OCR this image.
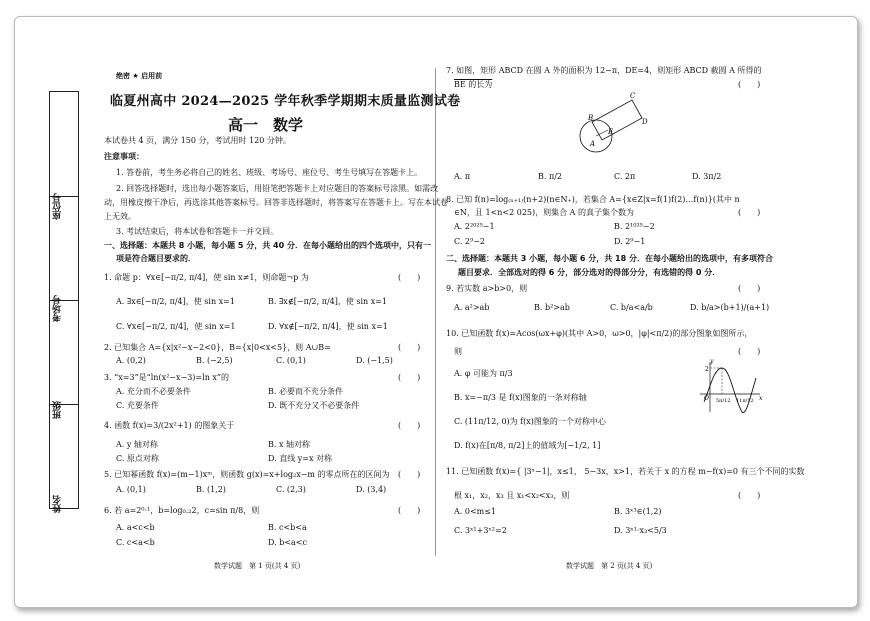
座位号
考场号
班级
姓名
绝密 ★ 启用前
临夏州高中 2024—2025 学年秋季学期期末质量监测试卷
高一　数学
本试卷共 4 页，满分 150 分，考试用时 120 分钟。
注意事项：
1. 答卷前，考生务必将自己的姓名、班级、考场号、座位号、考生号填写在答题卡上。
2. 回答选择题时，选出每小题答案后，用铅笔把答题卡上对应题目的答案标号涂黑。如需改
动，用橡皮擦干净后，再选涂其他答案标号。回答非选择题时，将答案写在答题卡上。写在本试卷
上无效。
3. 考试结束后，将本试卷和答题卡一并交回。
一、选择题：本题共 8 小题，每小题 5 分，共 40 分．在每小题给出的四个选项中，只有一
项是符合题目要求的．
1. 命题 p：∀x∈[−π/2, π/4]，使 sin x≠1，则命题¬p 为	(　　)
A. ∃x∈[−π/2, π/4]，使 sin x=1	B. ∃x∉[−π/2, π/4]，使 sin x=1
C. ∀x∈[−π/2, π/4]，使 sin x=1	D. ∀x∉[−π/2, π/4]，使 sin x=1
2. 已知集合 A={x|x²−x−2<0}，B={x|0<x<5}，则 A∪B=	(　　)
A. (0,2)	B. (−2,5)	C. (0,1)	D. (−1,5)
3. “x=3”是“ln(x²−x−3)=ln x”的	(　　)
A. 充分而不必要条件	B. 必要而不充分条件
C. 充要条件	D. 既不充分又不必要条件
4. 函数 f(x)=3/(2x²+1) 的图象关于	(　　)
A. y 轴对称	B. x 轴对称
C. 原点对称	D. 直线 y=x 对称
5. 已知幂函数 f(x)=(m−1)xᵐ，则函数 g(x)=x+log₂x−m 的零点所在的区间为 (　　)
A. (0,1)	B. (1,2)	C. (2,3)	D. (3,4)
6. 若 a=2⁰·¹，b=log₀.₂2，c=sin π/8，则	(　　)
A. a<c<b	B. c<b<a
C. c<a<b	D. b<a<c
数学试题　第 1 页(共 4 页)
7. 如图，矩形 ABCD 在圆 A 外的面积为 12−π，DE=4，则矩形 ABCD 截圆 A 所得的
BE 的长为	(　　)
B
C
D
E
A
A. π	B. π/2	C. 2π	D. 3π/2
8. 已知 f(n)=log₍ₙ₊₁₎(n+2)(n∈N₊)，若集合 A={x∈Z|x=f(1)f(2)…f(n)}(其中 n
∈N，且 1<n<2 025)，则集合 A 的真子集个数为	(　　)
A. 2²⁰²⁵−1	B. 2¹⁰²⁵−2
C. 2⁹−2	D. 2⁹−1
二、选择题：本题共 3 小题，每小题 6 分，共 18 分．在每小题给出的选项中，有多项符合
题目要求．全部选对的得 6 分，部分选对的得部分分，有选错的得 0 分．
9. 若实数 a>b>0，则	(　　)
A. a²>ab	B. b²>ab	C. b/a<a/b	D. b/a>(b+1)/(a+1)
10. 已知函数 f(x)=Acos(ωx+φ)(其中 A>0，ω>0，|φ|<π/2)的部分图象如图所示，
则	(　　)
A. φ 可能为 π/3
B. x=−π/3 是 f(x)图象的一条对称轴
C. (11π/12, 0)为 f(x)图象的一个对称中心
D. f(x)在[π/8, π/2]上的值域为[−1/2, 1]
y
x
O
2
5π/12 11π/12
11. 已知函数 f(x)={ |3ˣ−1|，x≤1， 5−3x，x>1，若关于 x 的方程 m−f(x)=0 有三个不同的实数
根 x₁，x₂，x₃ 且 x₁<x₂<x₃，则	(　　)
A. 0<m≤1	B. 3ˣ³∈(1,2)
C. 3ˣ¹+3ˣ²=2	D. 3ˣ¹·x₃<5/3
数学试题　第 2 页(共 4 页)
